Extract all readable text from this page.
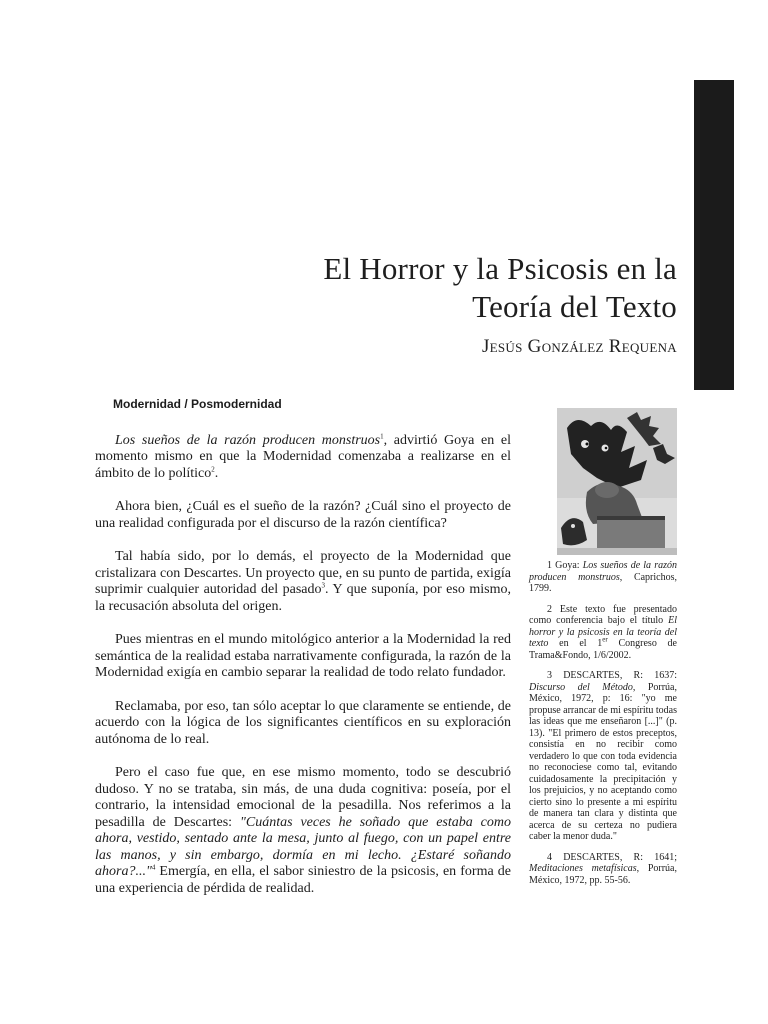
El Horror y la Psicosis en la
Teoría del Texto
Jesús González Requena
Modernidad / Posmodernidad

Los sueños de la razón producen monstruos$^1$, advirtió Goya en el momento mismo en que la Modernidad comenzaba a realizarse en el ámbito de lo político$^2$.

Ahora bien, ¿Cuál es el sueño de la razón? ¿Cuál sino el proyecto de una realidad configurada por el discurso de la razón científica?

Tal había sido, por lo demás, el proyecto de la Modernidad que cristalizara con Descartes. Un proyecto que, en su punto de partida, exigía suprimir cualquier autoridad del pasado$^3$. Y que suponía, por eso mismo, la recusación absoluta del origen.

Pues mientras en el mundo mitológico anterior a la Modernidad la red semántica de la realidad estaba narrativamente configurada, la razón de la Modernidad exigía en cambio separar la realidad de todo relato fundador.

Reclamaba, por eso, tan sólo aceptar lo que claramente se entiende, de acuerdo con la lógica de los significantes científicos en su exploración autónoma de lo real.

Pero el caso fue que, en ese mismo momento, todo se descubrió dudoso. Y no se trataba, sin más, de una duda cognitiva: poseía, por el contrario, la intensidad emocional de la pesadilla. Nos referimos a la pesadilla de Descartes: "Cuántas veces he soñado que estaba como ahora, vestido, sentado ante la mesa, junto al fuego, con un papel entre las manos, y sin embargo, dormía en mi lecho. ¿Estaré soñando ahora?..."$^4$ Emergía, en ella, el sabor siniestro de la psicosis, en forma de una experiencia de pérdida de realidad.

1 Goya: Los sueños de la razón producen monstruos, Caprichos, 1799.

2 Este texto fue presentado como conferencia bajo el título El horror y la psicosis en la teoría del texto en el 1er Congreso de Trama&Fondo, 1/6/2002.

3 DESCARTES, R: 1637: Discurso del Método, Porrúa, México, 1972, p: 16: "yo me propuse arrancar de mi espíritu todas las ideas que me enseñaron [...]" (p. 13). "El primero de estos preceptos, consistía en no recibir como verdadero lo que con toda evidencia no reconociese como tal, evitando cuidadosamente la precipitación y los prejuicios, y no aceptando como cierto sino lo presente a mi espíritu de manera tan clara y distinta que acerca de su certeza no pudiera caber la menor duda."

4 DESCARTES, R: 1641; Meditaciones metafísicas, Porrúa, México, 1972, pp. 55-56.
